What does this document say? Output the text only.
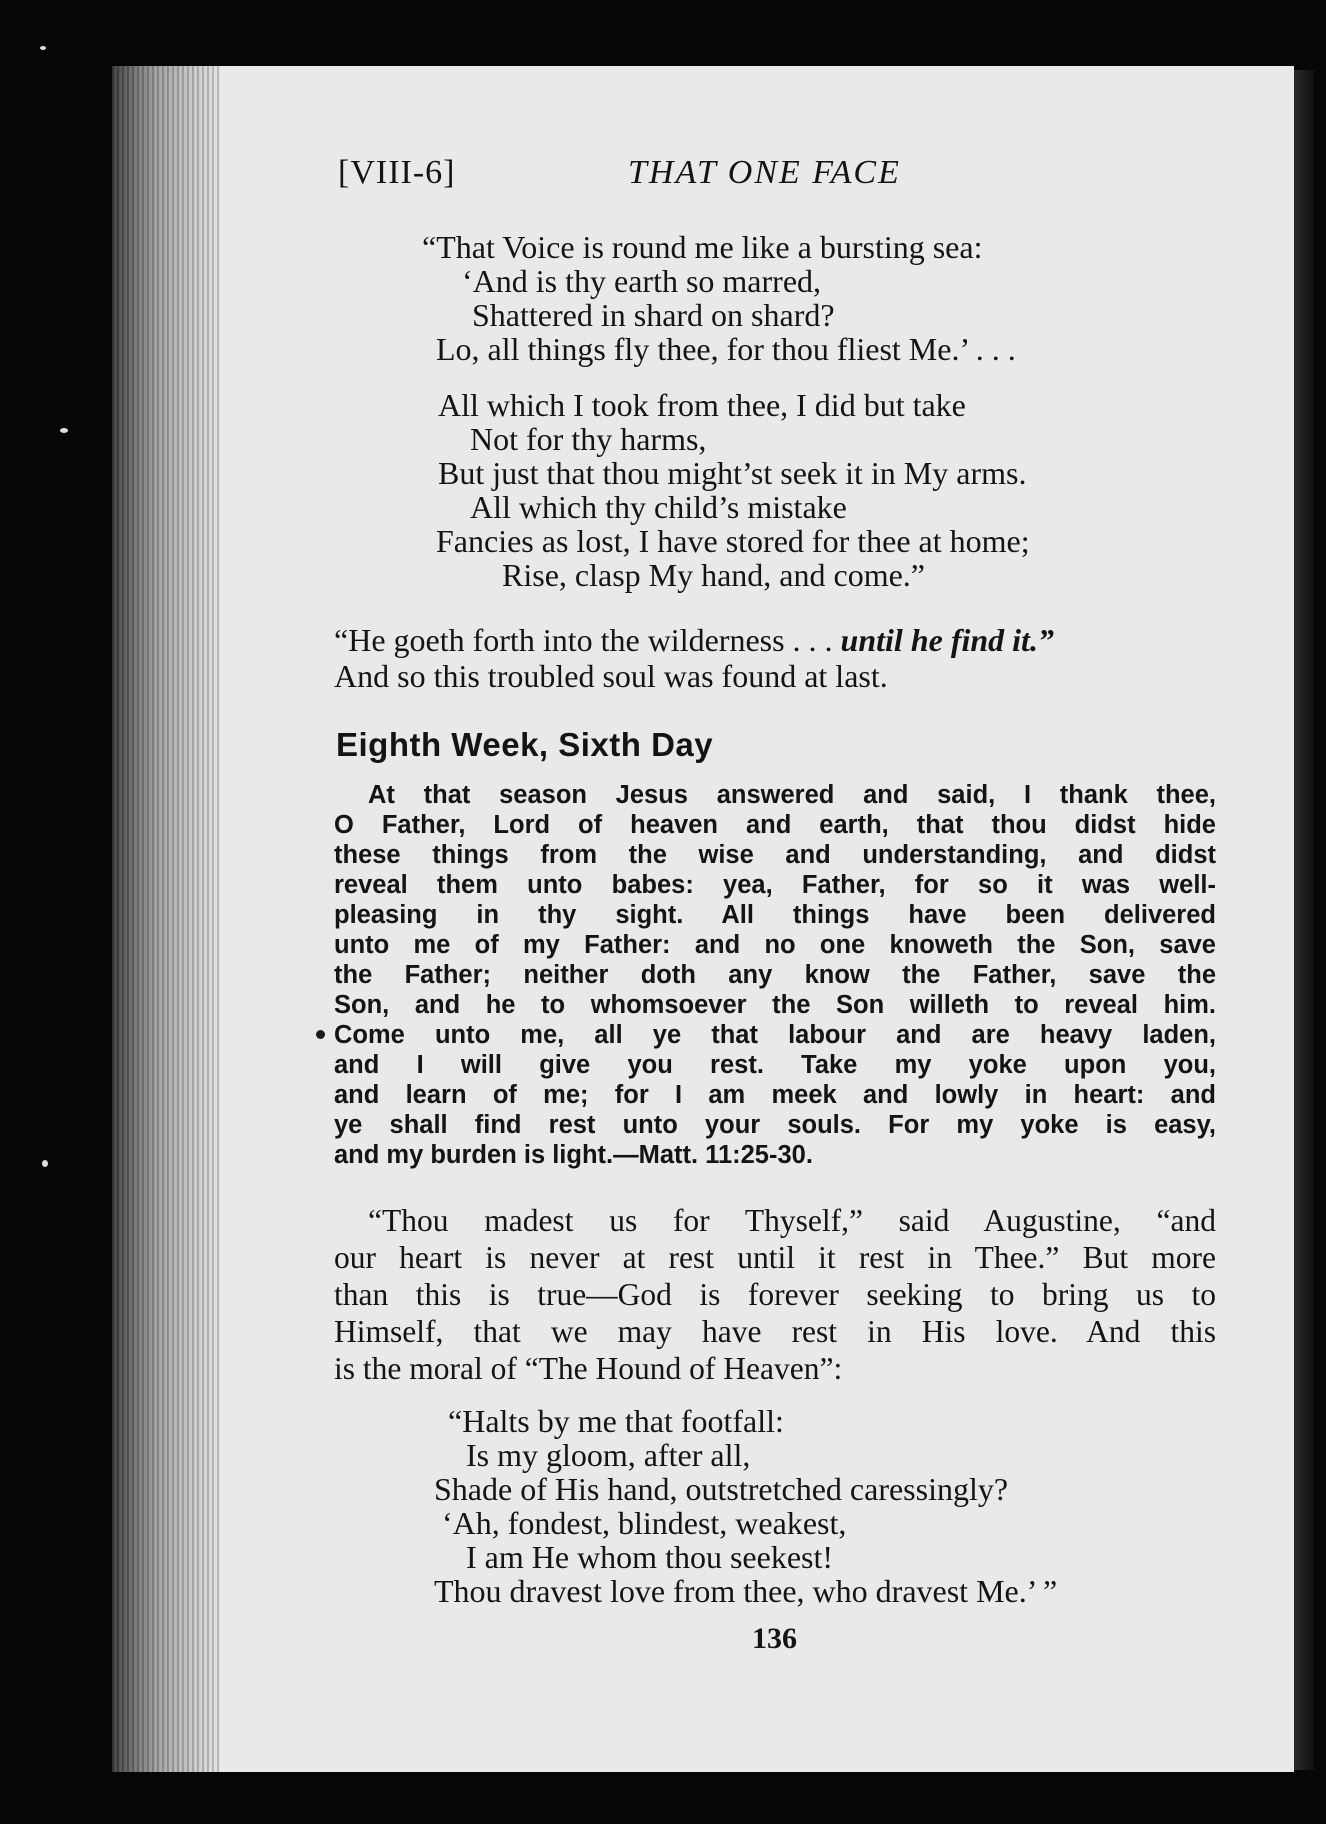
[VIII-6]	THAT ONE FACE
“That Voice is round me like a bursting sea:
‘And is thy earth so marred,
Shattered in shard on shard?
Lo, all things fly thee, for thou fliest Me.’ . . .
All which I took from thee, I did but take
Not for thy harms,
But just that thou might’st seek it in My arms.
All which thy child’s mistake
Fancies as lost, I have stored for thee at home;
Rise, clasp My hand, and come.”
“He goeth forth into the wilderness . . . until he find it.”
And so this troubled soul was found at last.
Eighth Week, Sixth Day
At that season Jesus answered and said, I thank thee,
O Father, Lord of heaven and earth, that thou didst hide
these things from the wise and understanding, and didst
reveal them unto babes: yea, Father, for so it was well-
pleasing in thy sight. All things have been delivered
unto me of my Father: and no one knoweth the Son, save
the Father; neither doth any know the Father, save the
Son, and he to whomsoever the Son willeth to reveal him.
Come unto me, all ye that labour and are heavy laden,
and I will give you rest. Take my yoke upon you,
and learn of me; for I am meek and lowly in heart: and
ye shall find rest unto your souls. For my yoke is easy,
and my burden is light.—Matt. 11:25-30.
“Thou madest us for Thyself,” said Augustine, “and
our heart is never at rest until it rest in Thee.” But more
than this is true—God is forever seeking to bring us to
Himself, that we may have rest in His love. And this
is the moral of “The Hound of Heaven”:
“Halts by me that footfall:
Is my gloom, after all,
Shade of His hand, outstretched caressingly?
‘Ah, fondest, blindest, weakest,
I am He whom thou seekest!
Thou dravest love from thee, who dravest Me.’ ”
136
